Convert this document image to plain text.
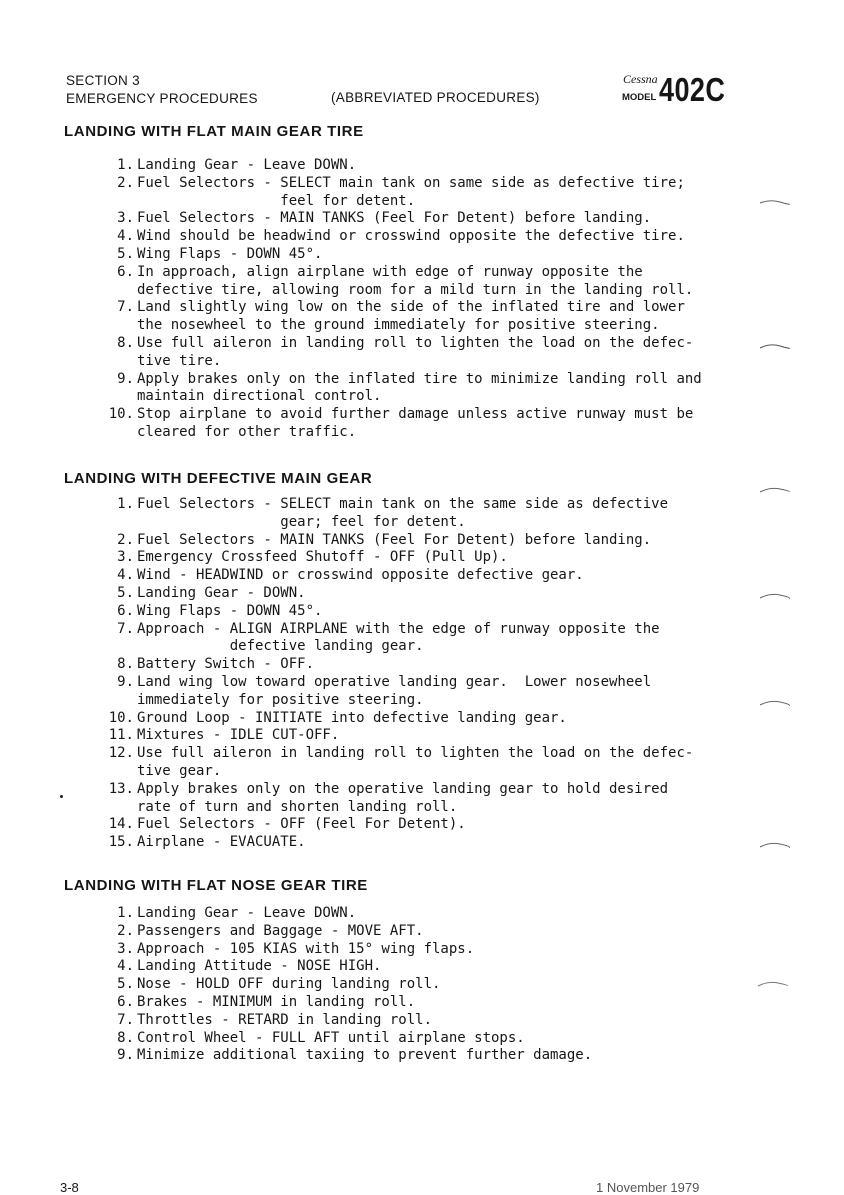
SECTION 3
EMERGENCY PROCEDURES	(ABBREVIATED PROCEDURES)
Cessna
MODEL 402C
LANDING WITH FLAT MAIN GEAR TIRE
1. Landing Gear - Leave DOWN.
2. Fuel Selectors - SELECT main tank on same side as defective tire;
feel for detent.
3. Fuel Selectors - MAIN TANKS (Feel For Detent) before landing.
4. Wind should be headwind or crosswind opposite the defective tire.
5. Wing Flaps - DOWN 45°.
6. In approach, align airplane with edge of runway opposite the
defective tire, allowing room for a mild turn in the landing roll.
7. Land slightly wing low on the side of the inflated tire and lower
the nosewheel to the ground immediately for positive steering.
8. Use full aileron in landing roll to lighten the load on the defec-
tive tire.
9. Apply brakes only on the inflated tire to minimize landing roll and
maintain directional control.
10. Stop airplane to avoid further damage unless active runway must be
cleared for other traffic.
LANDING WITH DEFECTIVE MAIN GEAR
1. Fuel Selectors - SELECT main tank on the same side as defective
gear; feel for detent.
2. Fuel Selectors - MAIN TANKS (Feel For Detent) before landing.
3. Emergency Crossfeed Shutoff - OFF (Pull Up).
4. Wind - HEADWIND or crosswind opposite defective gear.
5. Landing Gear - DOWN.
6. Wing Flaps - DOWN 45°.
7. Approach - ALIGN AIRPLANE with the edge of runway opposite the
defective landing gear.
8. Battery Switch - OFF.
9. Land wing low toward operative landing gear.  Lower nosewheel
immediately for positive steering.
10. Ground Loop - INITIATE into defective landing gear.
11. Mixtures - IDLE CUT-OFF.
12. Use full aileron in landing roll to lighten the load on the defec-
tive gear.
13. Apply brakes only on the operative landing gear to hold desired
rate of turn and shorten landing roll.
14. Fuel Selectors - OFF (Feel For Detent).
15. Airplane - EVACUATE.
LANDING WITH FLAT NOSE GEAR TIRE
1. Landing Gear - Leave DOWN.
2. Passengers and Baggage - MOVE AFT.
3. Approach - 105 KIAS with 15° wing flaps.
4. Landing Attitude - NOSE HIGH.
5. Nose - HOLD OFF during landing roll.
6. Brakes - MINIMUM in landing roll.
7. Throttles - RETARD in landing roll.
8. Control Wheel - FULL AFT until airplane stops.
9. Minimize additional taxiing to prevent further damage.
3-8	1 November 1979
